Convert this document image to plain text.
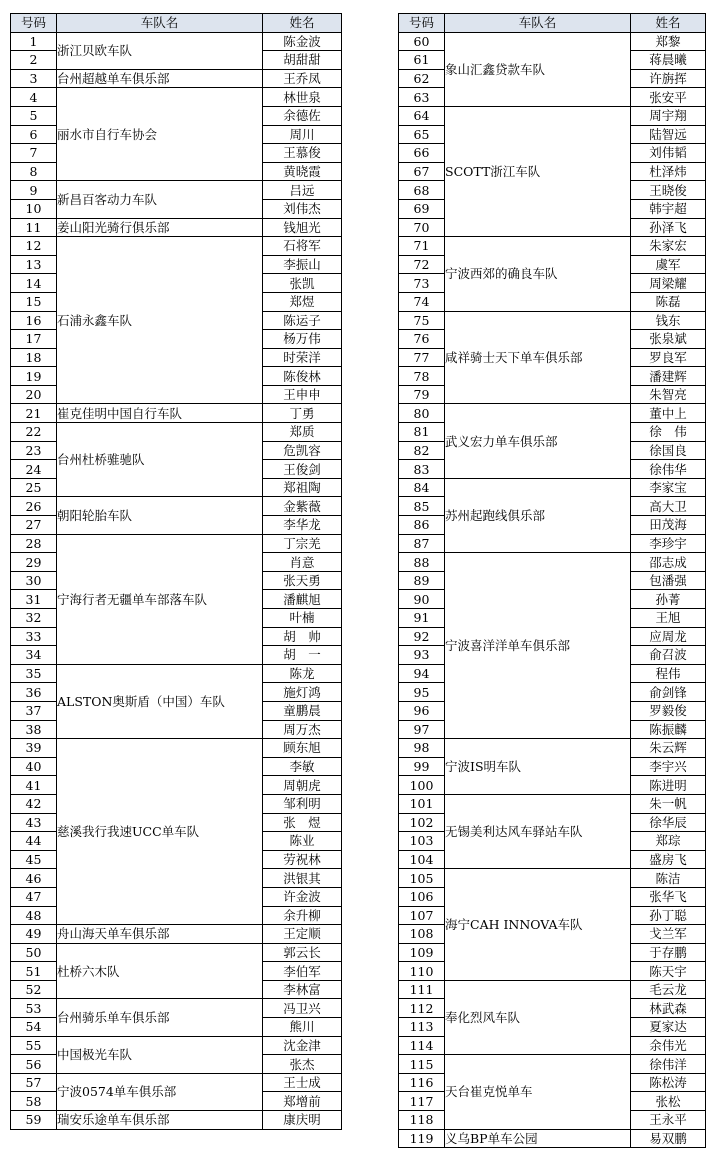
号码	车队名	姓名
1	浙江贝欧车队	陈金波
2		胡甜甜
3	台州超越单车俱乐部	王乔凤
4	丽水市自行车协会	林世泉
5		余德佐
6		周川
7		王慕俊
8		黄晓霞
9	新昌百客动力车队	吕远
10		刘伟杰
11	姜山阳光骑行俱乐部	钱旭光
12	石浦永鑫车队	石将军
13		李振山
14		张凯
15		郑煜
16		陈运子
17		杨万伟
18		时荣洋
19		陈俊林
20		王申申
21	崔克佳明中国自行车队	丁勇
22	台州杜桥骓驰队	郑质
23		危凯容
24		王俊剑
25		郑祖陶
26	朝阳轮胎车队	金紫薇
27		李华龙
28	宁海行者无疆单车部落车队	丁宗羌
29		肖意
30		张天勇
31		潘麒旭
32		叶楠
33		胡　帅
34		胡　一
35	ALSTON奥斯盾（中国）车队	陈龙
36		施灯鸿
37		童鹏晨
38		周万杰
39	慈溪我行我速UCC单车队	顾东旭
40		李敏
41		周朝虎
42		邹利明
43		张　煜
44		陈业
45		劳祝林
46		洪银其
47		许金波
48		余升柳
49	舟山海天单车俱乐部	王定顺
50	杜桥六木队	郭云长
51		李伯军
52		李林富
53	台州骑乐单车俱乐部	冯卫兴
54		熊川
55	中国极光车队	沈金津
56		张杰
57	宁波0574单车俱乐部	王士成
58		郑增前
59	瑞安乐途单车俱乐部	康庆明
号码	车队名	姓名
60	象山汇鑫贷款车队	郑黎
61		蒋晨曦
62		许旃挥
63		张安平
64	SCOTT浙江车队	周宇翔
65		陆智远
66		刘伟韬
67		杜泽炜
68		王晓俊
69		韩宇超
70		孙泽飞
71	宁波西郊的确良车队	朱家宏
72		虞军
73		周梁耀
74		陈磊
75	咸祥骑士天下单车俱乐部	钱东
76		张泉斌
77		罗良军
78		潘建辉
79		朱智亮
80	武义宏力单车俱乐部	董中上
81		徐　伟
82		徐国良
83		徐伟华
84	苏州起跑线俱乐部	李家宝
85		高大卫
86		田茂海
87		李珍宇
88	宁波喜洋洋单车俱乐部	邵志成
89		包潘强
90		孙菁
91		王旭
92		应周龙
93		俞召波
94		程伟
95		俞剑锋
96		罗毅俊
97		陈振麟
98	宁波IS明车队	朱云辉
99		李宇兴
100		陈进明
101	无锡美利达风车驿站车队	朱一帆
102		徐华辰
103		郑琮
104		盛房飞
105	海宁CAH INNOVA车队	陈洁
106		张华飞
107		孙丁聪
108		戈兰军
109		于存鹏
110		陈天宇
111	奉化烈风车队	毛云龙
112		林武森
113		夏家达
114		余伟光
115	天台崔克悦单车	徐伟洋
116		陈松涛
117		张松
118		王永平
119	义乌BP单车公园	易双鹏
